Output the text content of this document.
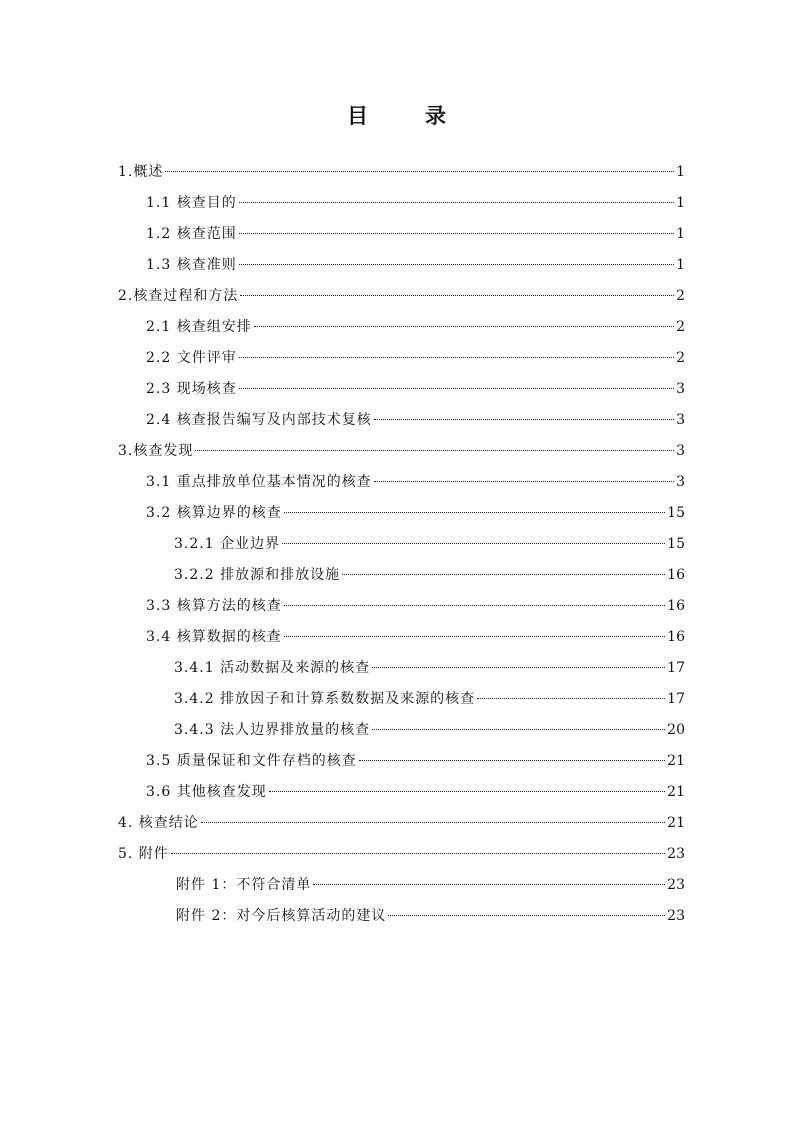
目　录
1.概述	1
1.1 核查目的	1
1.2 核查范围	1
1.3 核查准则	1
2.核查过程和方法	2
2.1 核查组安排	2
2.2 文件评审	2
2.3 现场核查	3
2.4 核查报告编写及内部技术复核	3
3.核查发现	3
3.1 重点排放单位基本情况的核查	3
3.2 核算边界的核查	15
3.2.1 企业边界	15
3.2.2 排放源和排放设施	16
3.3 核算方法的核查	16
3.4 核算数据的核查	16
3.4.1 活动数据及来源的核查	17
3.4.2 排放因子和计算系数数据及来源的核查	17
3.4.3 法人边界排放量的核查	20
3.5 质量保证和文件存档的核查	21
3.6 其他核查发现	21
4. 核查结论	21
5. 附件	23
附件 1：不符合清单	23
附件 2：对今后核算活动的建议	23
